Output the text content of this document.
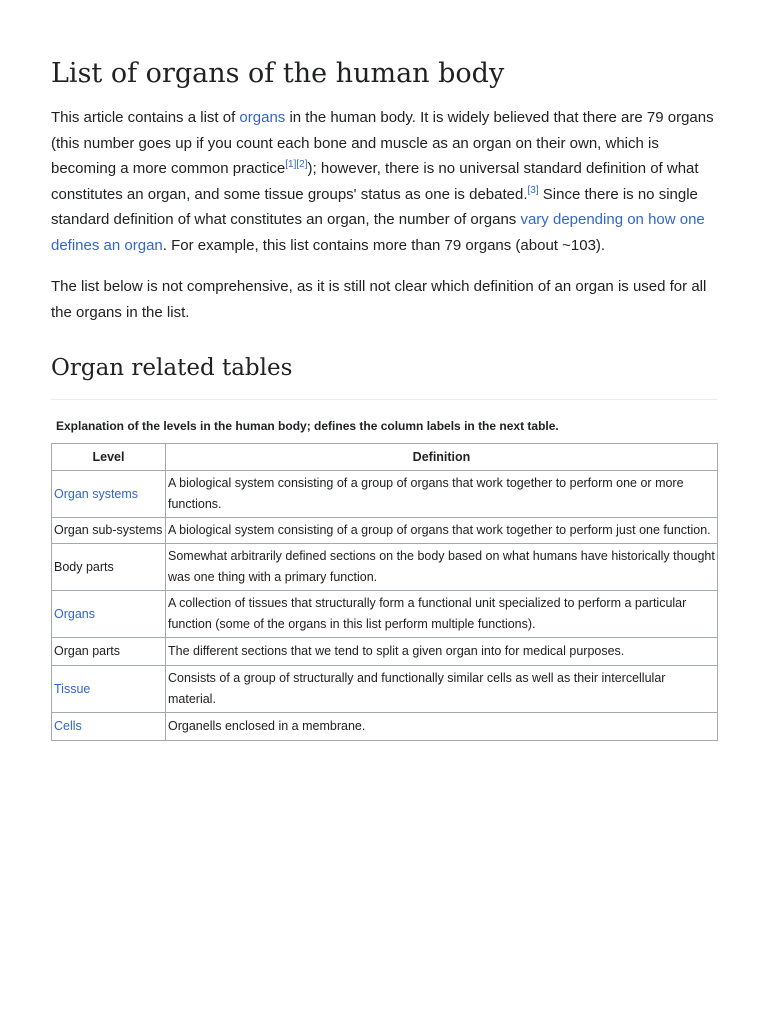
List of organs of the human body

This article contains a list of organs in the human body. It is widely believed that there are 79 organs (this number goes up if you count each bone and muscle as an organ on their own, which is becoming a more common practice[1][2]); however, there is no universal standard definition of what constitutes an organ, and some tissue groups' status as one is debated.[3] Since there is no single standard definition of what constitutes an organ, the number of organs vary depending on how one defines an organ. For example, this list contains more than 79 organs (about ~103).

The list below is not comprehensive, as it is still not clear which definition of an organ is used for all the organs in the list.

Organ related tables
Explanation of the levels in the human body; defines the column labels in the next table.
Level	Definition
Organ systems	A biological system consisting of a group of organs that work together to perform one or more functions.
Organ sub-systems	A biological system consisting of a group of organs that work together to perform just one function.
Body parts	Somewhat arbitrarily defined sections on the body based on what humans have historically thought was one thing with a primary function.
Organs	A collection of tissues that structurally form a functional unit specialized to perform a particular function (some of the organs in this list perform multiple functions).
Organ parts	The different sections that we tend to split a given organ into for medical purposes.
Tissue	Consists of a group of structurally and functionally similar cells as well as their intercellular material.
Cells	Organells enclosed in a membrane.
